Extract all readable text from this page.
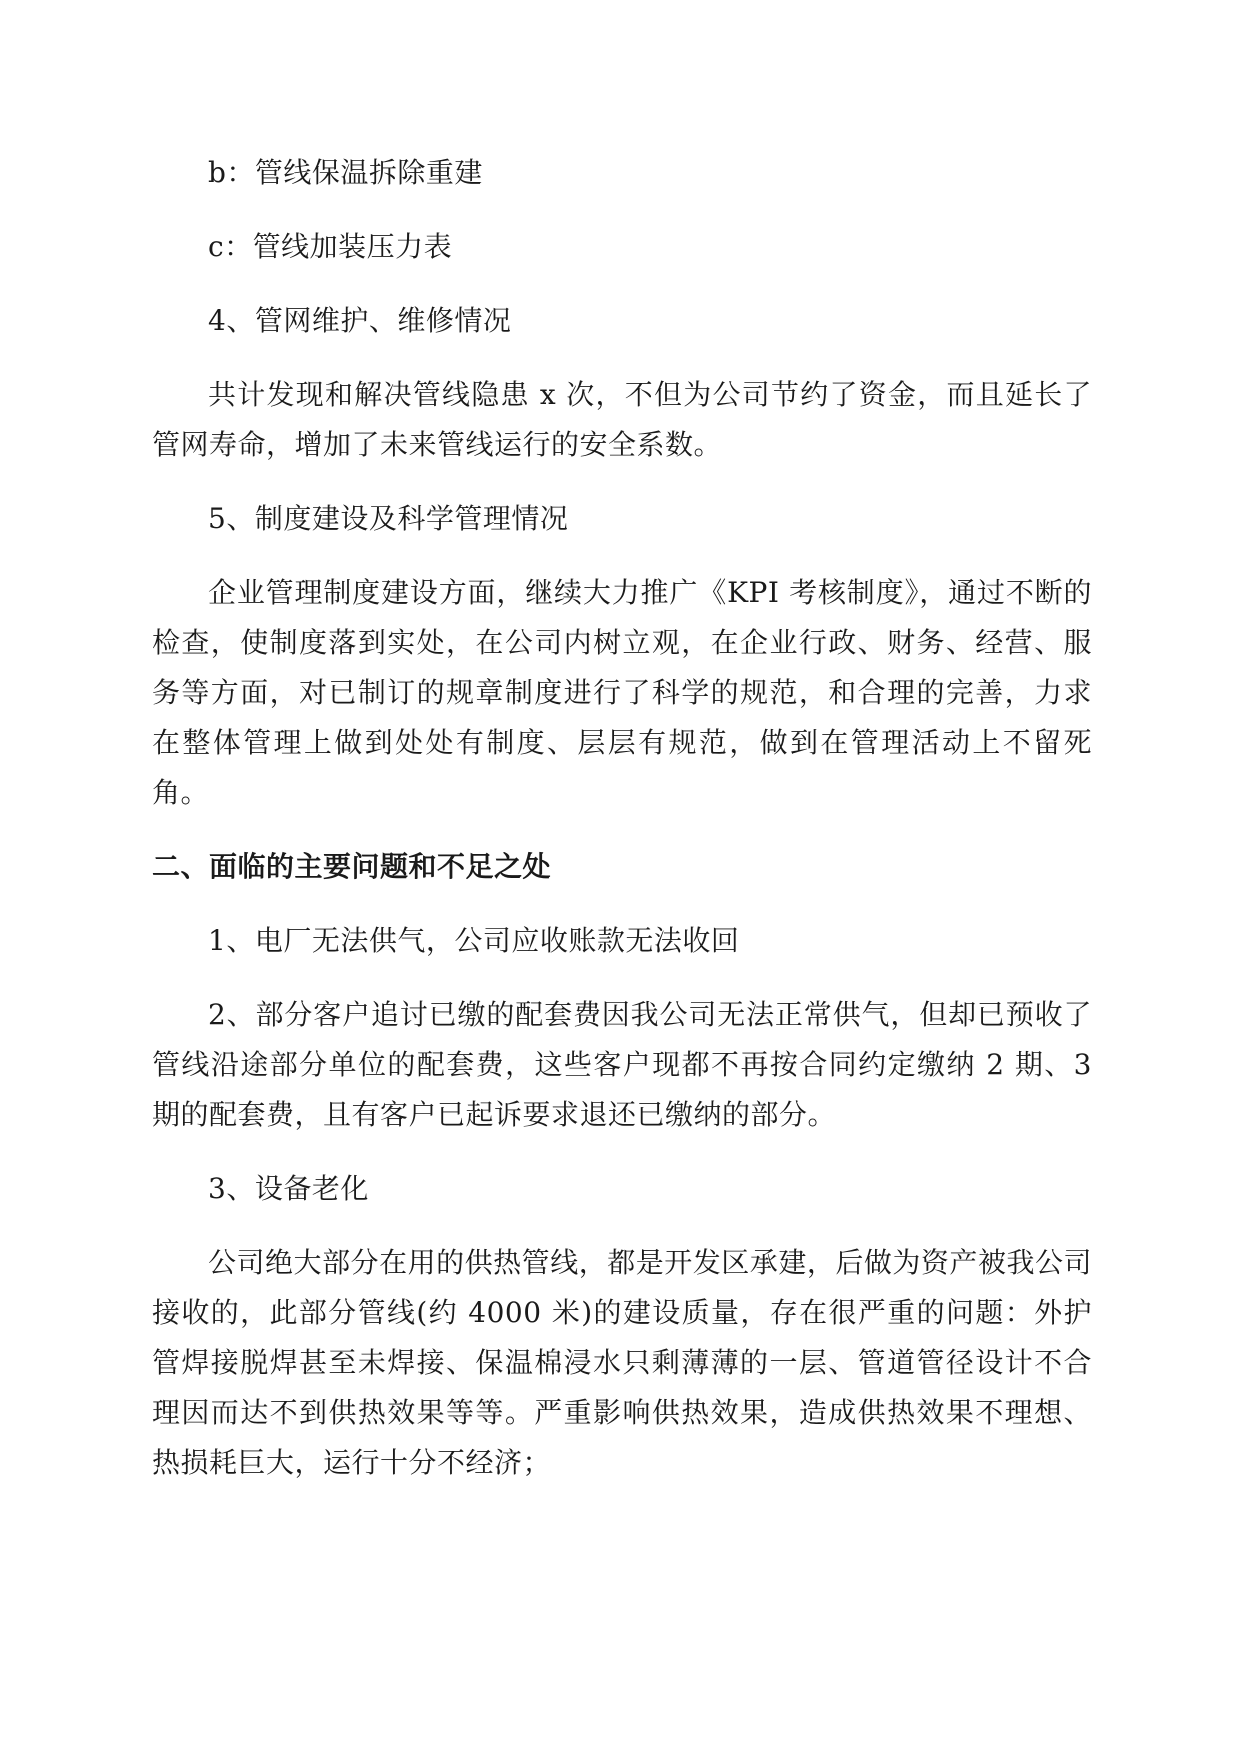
b：管线保温拆除重建

c：管线加装压力表

4、管网维护、维修情况

共计发现和解决管线隐患 x 次，不但为公司节约了资金，而且延长了管网寿命，增加了未来管线运行的安全系数。

5、制度建设及科学管理情况

企业管理制度建设方面，继续大力推广《KPI 考核制度》，通过不断的检查，使制度落到实处，在公司内树立观，在企业行政、财务、经营、服务等方面，对已制订的规章制度进行了科学的规范，和合理的完善，力求在整体管理上做到处处有制度、层层有规范，做到在管理活动上不留死角。

二、面临的主要问题和不足之处

1、电厂无法供气，公司应收账款无法收回

2、部分客户追讨已缴的配套费因我公司无法正常供气，但却已预收了管线沿途部分单位的配套费，这些客户现都不再按合同约定缴纳 2 期、3 期的配套费，且有客户已起诉要求退还已缴纳的部分。

3、设备老化

公司绝大部分在用的供热管线，都是开发区承建，后做为资产被我公司接收的，此部分管线(约 4000 米)的建设质量，存在很严重的问题：外护管焊接脱焊甚至未焊接、保温棉浸水只剩薄薄的一层、管道管径设计不合理因而达不到供热效果等等。严重影响供热效果，造成供热效果不理想、热损耗巨大，运行十分不经济；
